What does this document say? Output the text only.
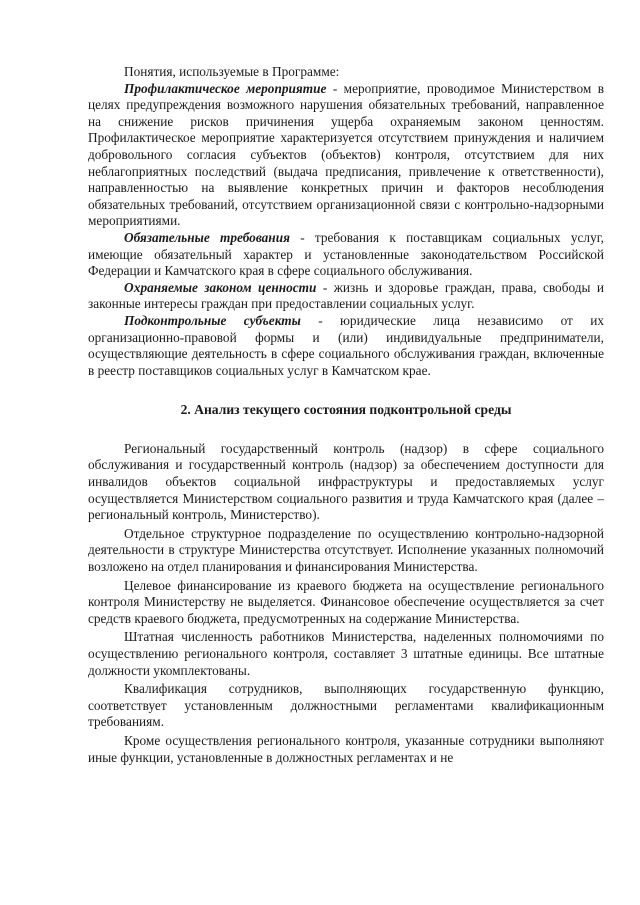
Понятия, используемые в Программе:

Профилактическое мероприятие - мероприятие, проводимое Министерством в целях предупреждения возможного нарушения обязательных требований, направленное на снижение рисков причинения ущерба охраняемым законом ценностям. Профилактическое мероприятие характеризуется отсутствием принуждения и наличием добровольного согласия субъектов (объектов) контроля, отсутствием для них неблагоприятных последствий (выдача предписания, привлечение к ответственности), направленностью на выявление конкретных причин и факторов несоблюдения обязательных требований, отсутствием организационной связи с контрольно-надзорными мероприятиями.

Обязательные требования - требования к поставщикам социальных услуг, имеющие обязательный характер и установленные законодательством Российской Федерации и Камчатского края в сфере социального обслуживания.

Охраняемые законом ценности - жизнь и здоровье граждан, права, свободы и законные интересы граждан при предоставлении социальных услуг.

Подконтрольные субъекты - юридические лица независимо от их организационно-правовой формы и (или) индивидуальные предприниматели, осуществляющие деятельность в сфере социального обслуживания граждан, включенные в реестр поставщиков социальных услуг в Камчатском крае.

2. Анализ текущего состояния подконтрольной среды

Региональный государственный контроль (надзор) в сфере социального обслуживания и государственный контроль (надзор) за обеспечением доступности для инвалидов объектов социальной инфраструктуры и предоставляемых услуг осуществляется Министерством социального развития и труда Камчатского края (далее – региональный контроль, Министерство).

Отдельное структурное подразделение по осуществлению контрольно-надзорной деятельности в структуре Министерства отсутствует. Исполнение указанных полномочий возложено на отдел планирования и финансирования Министерства.

Целевое финансирование из краевого бюджета на осуществление регионального контроля Министерству не выделяется. Финансовое обеспечение осуществляется за счет средств краевого бюджета, предусмотренных на содержание Министерства.

Штатная численность работников Министерства, наделенных полномочиями по осуществлению регионального контроля, составляет 3 штатные единицы. Все штатные должности укомплектованы.

Квалификация сотрудников, выполняющих государственную функцию, соответствует установленным должностными регламентами квалификационным требованиям.

Кроме осуществления регионального контроля, указанные сотрудники выполняют иные функции, установленные в должностных регламентах и не
